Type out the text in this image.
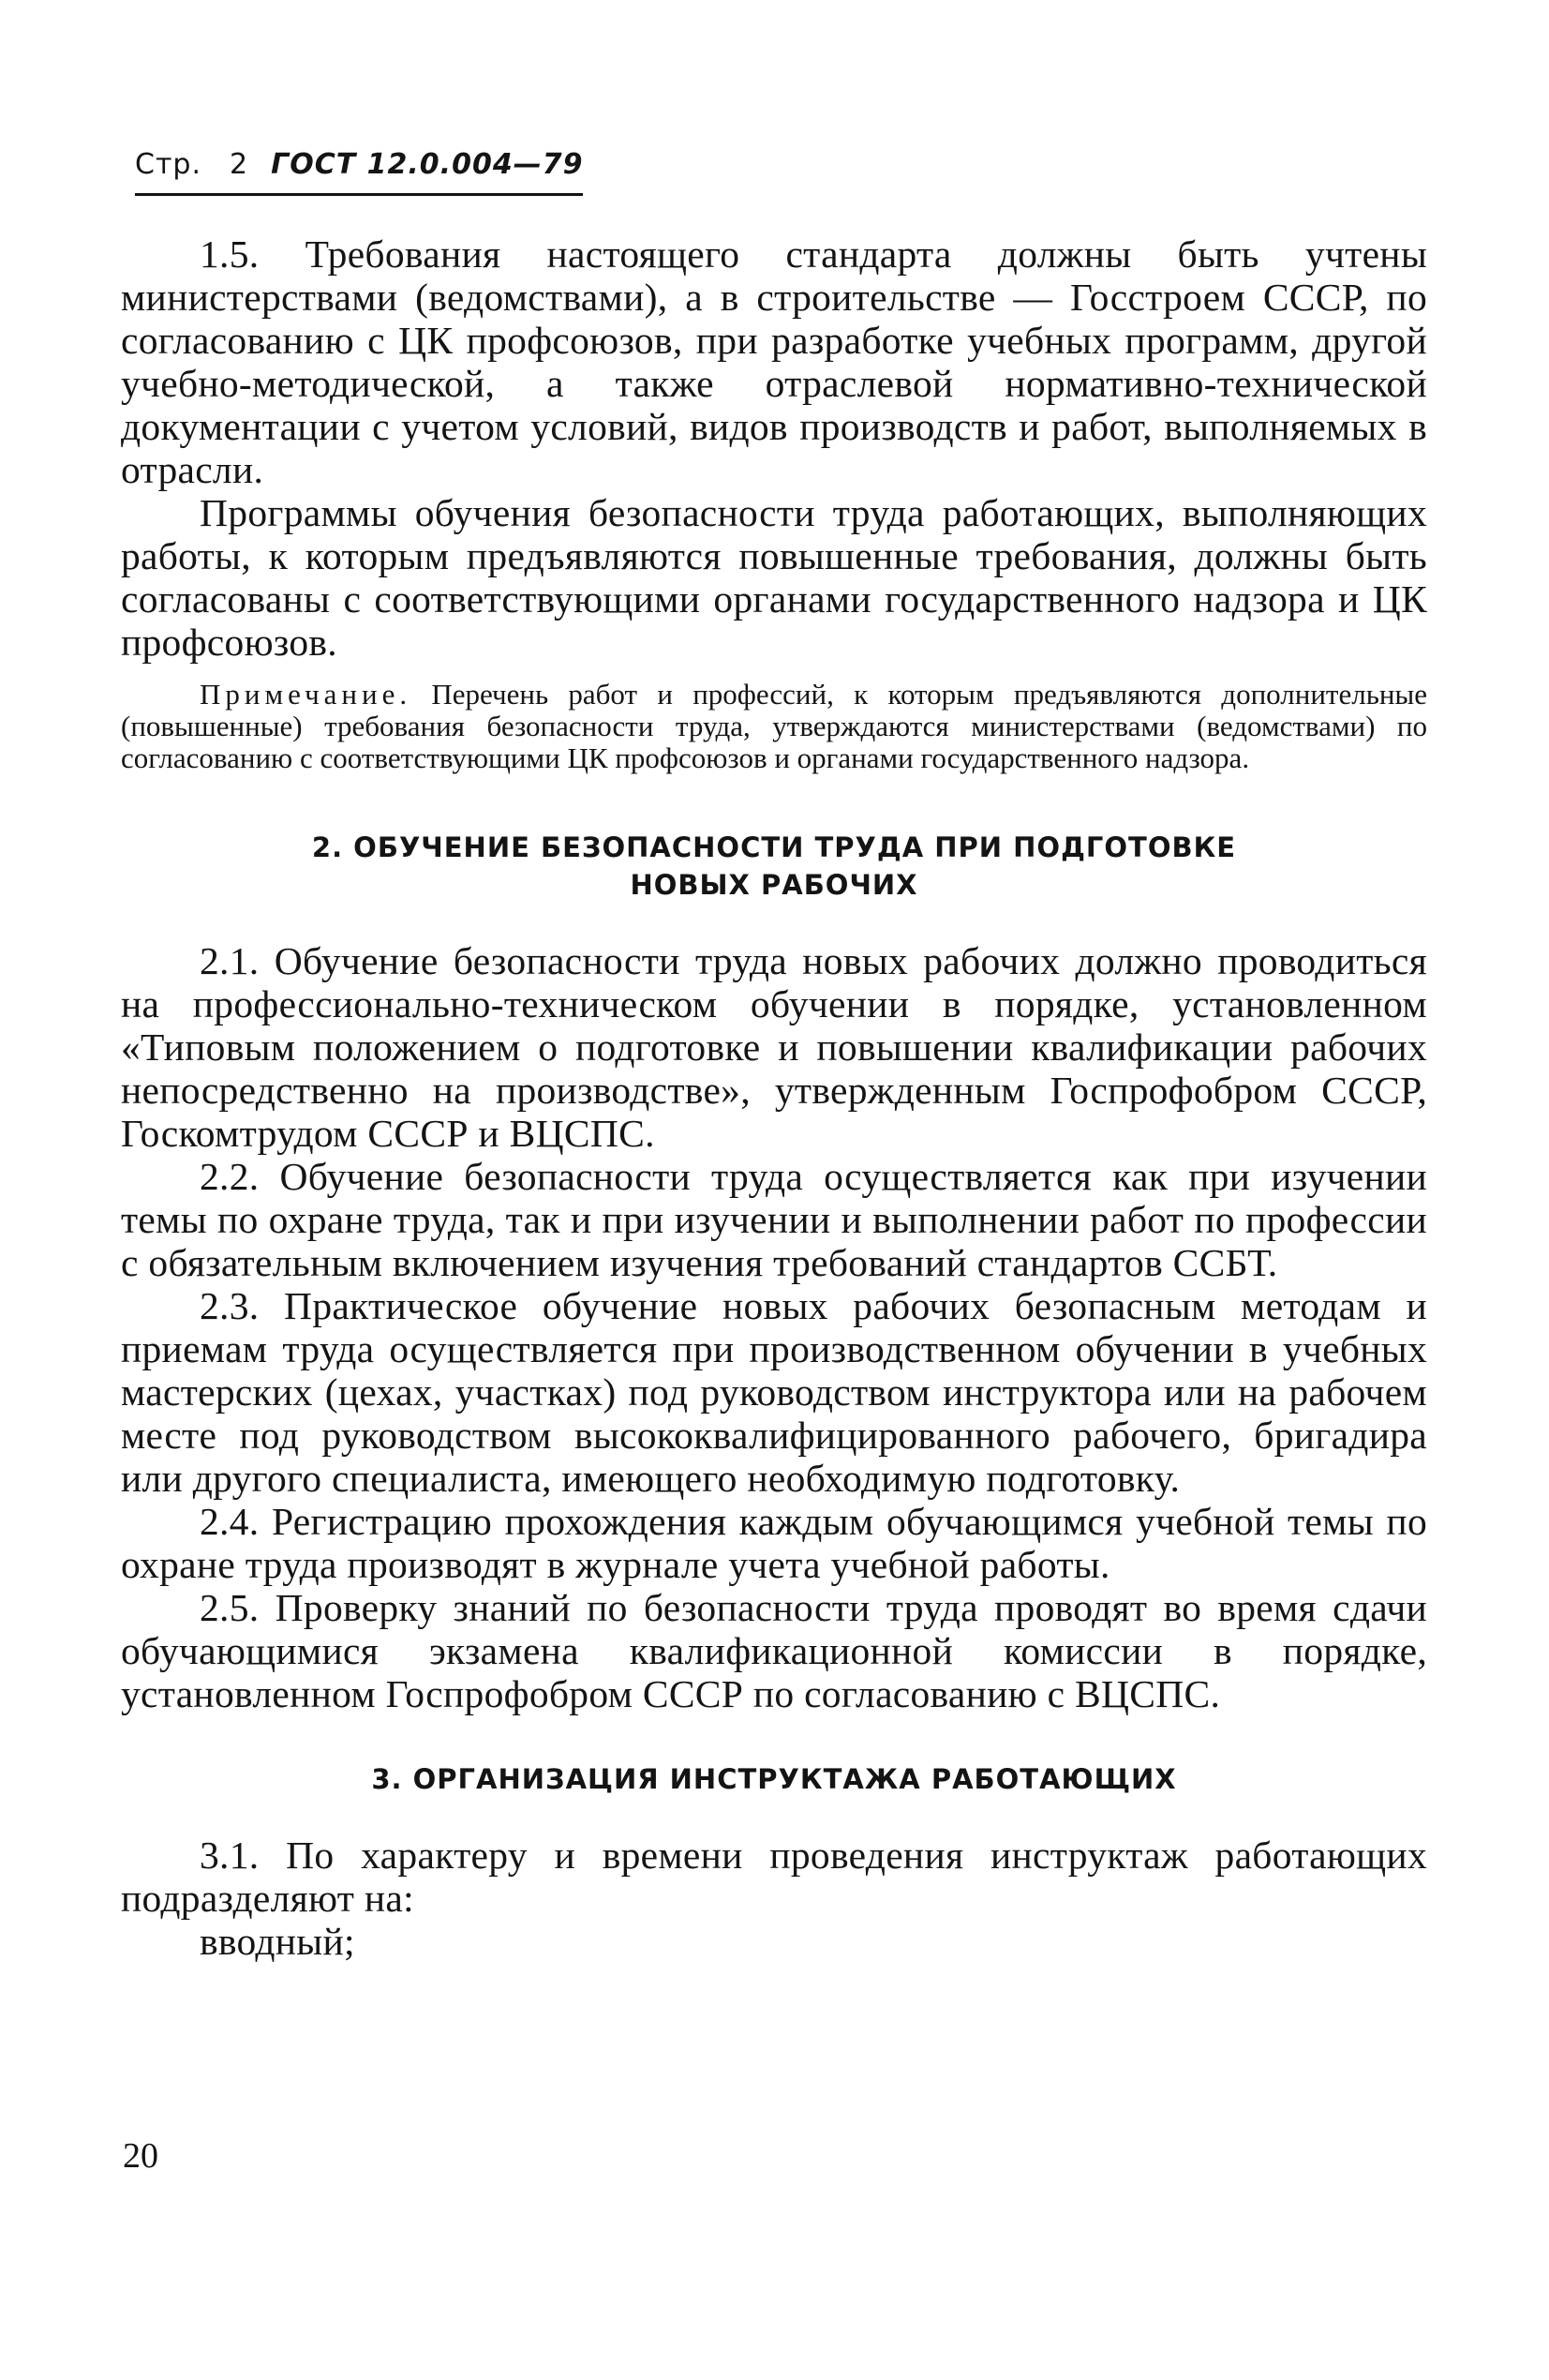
Стр. 2 ГОСТ 12.0.004—79

1.5. Требования настоящего стандарта должны быть учтены министерствами (ведомствами), а в строительстве — Госстроем СССР, по согласованию с ЦК профсоюзов, при разработке учебных программ, другой учебно-методической, а также отраслевой нормативно-технической документации с учетом условий, видов производств и работ, выполняемых в отрасли.

Программы обучения безопасности труда работающих, выполняющих работы, к которым предъявляются повышенные требования, должны быть согласованы с соответствующими органами государственного надзора и ЦК профсоюзов.

Примечание. Перечень работ и профессий, к которым предъявляются дополнительные (повышенные) требования безопасности труда, утверждаются министерствами (ведомствами) по согласованию с соответствующими ЦК профсоюзов и органами государственного надзора.

2. ОБУЧЕНИЕ БЕЗОПАСНОСТИ ТРУДА ПРИ ПОДГОТОВКЕ
НОВЫХ РАБОЧИХ

2.1. Обучение безопасности труда новых рабочих должно проводиться на профессионально-техническом обучении в порядке, установленном «Типовым положением о подготовке и повышении квалификации рабочих непосредственно на производстве», утвержденным Госпрофобром СССР, Госкомтрудом СССР и ВЦСПС.

2.2. Обучение безопасности труда осуществляется как при изучении темы по охране труда, так и при изучении и выполнении работ по профессии с обязательным включением изучения требований стандартов ССБТ.

2.3. Практическое обучение новых рабочих безопасным методам и приемам труда осуществляется при производственном обучении в учебных мастерских (цехах, участках) под руководством инструктора или на рабочем месте под руководством высококвалифицированного рабочего, бригадира или другого специалиста, имеющего необходимую подготовку.

2.4. Регистрацию прохождения каждым обучающимся учебной темы по охране труда производят в журнале учета учебной работы.

2.5. Проверку знаний по безопасности труда проводят во время сдачи обучающимися экзамена квалификационной комиссии в порядке, установленном Госпрофобром СССР по согласованию с ВЦСПС.

3. ОРГАНИЗАЦИЯ ИНСТРУКТАЖА РАБОТАЮЩИХ

3.1. По характеру и времени проведения инструктаж работающих подразделяют на:

вводный;

20
